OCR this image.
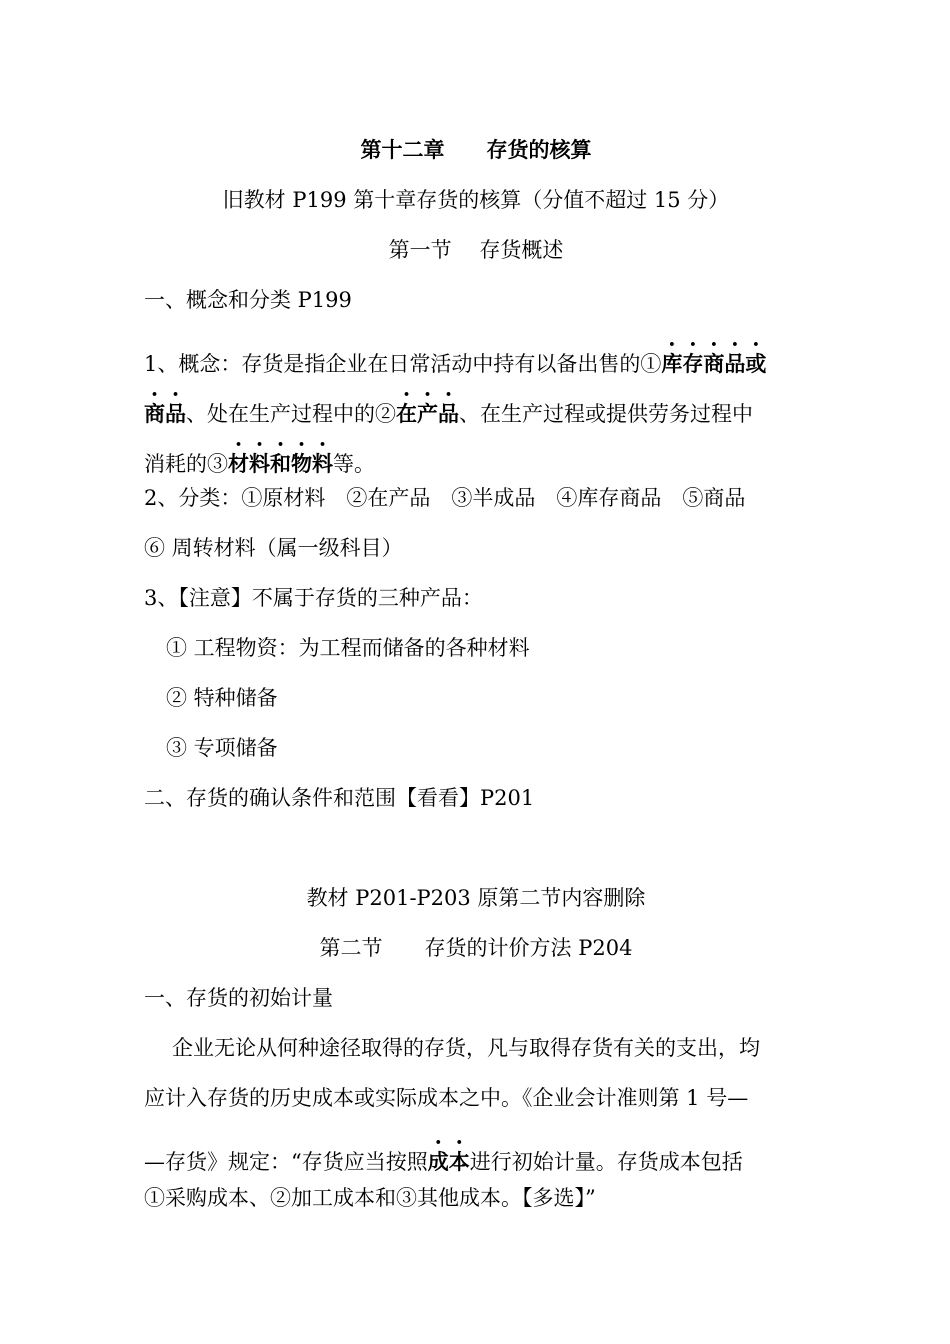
第十二章　　存货的核算
旧教材 P199 第十章存货的核算（分值不超过 15 分）
第一节　 存货概述
一、概念和分类 P199
1、概念：存货是指企业在日常活动中持有以备出售的①库存商品或
商品、处在生产过程中的②在产品、在生产过程或提供劳务过程中
消耗的③材料和物料等。
2、分类：①原材料　②在产品　③半成品　④库存商品　⑤商品
⑥ 周转材料（属一级科目）
3、【注意】不属于存货的三种产品：
① 工程物资：为工程而储备的各种材料
② 特种储备
③ 专项储备
二、存货的确认条件和范围【看看】P201
教材 P201-P203 原第二节内容删除
第二节　　存货的计价方法 P204
一、存货的初始计量
企业无论从何种途径取得的存货，凡与取得存货有关的支出，均
应计入存货的历史成本或实际成本之中。《企业会计准则第 1 号—
—存货》规定：“存货应当按照成本进行初始计量。存货成本包括
①采购成本、②加工成本和③其他成本。【多选】”
